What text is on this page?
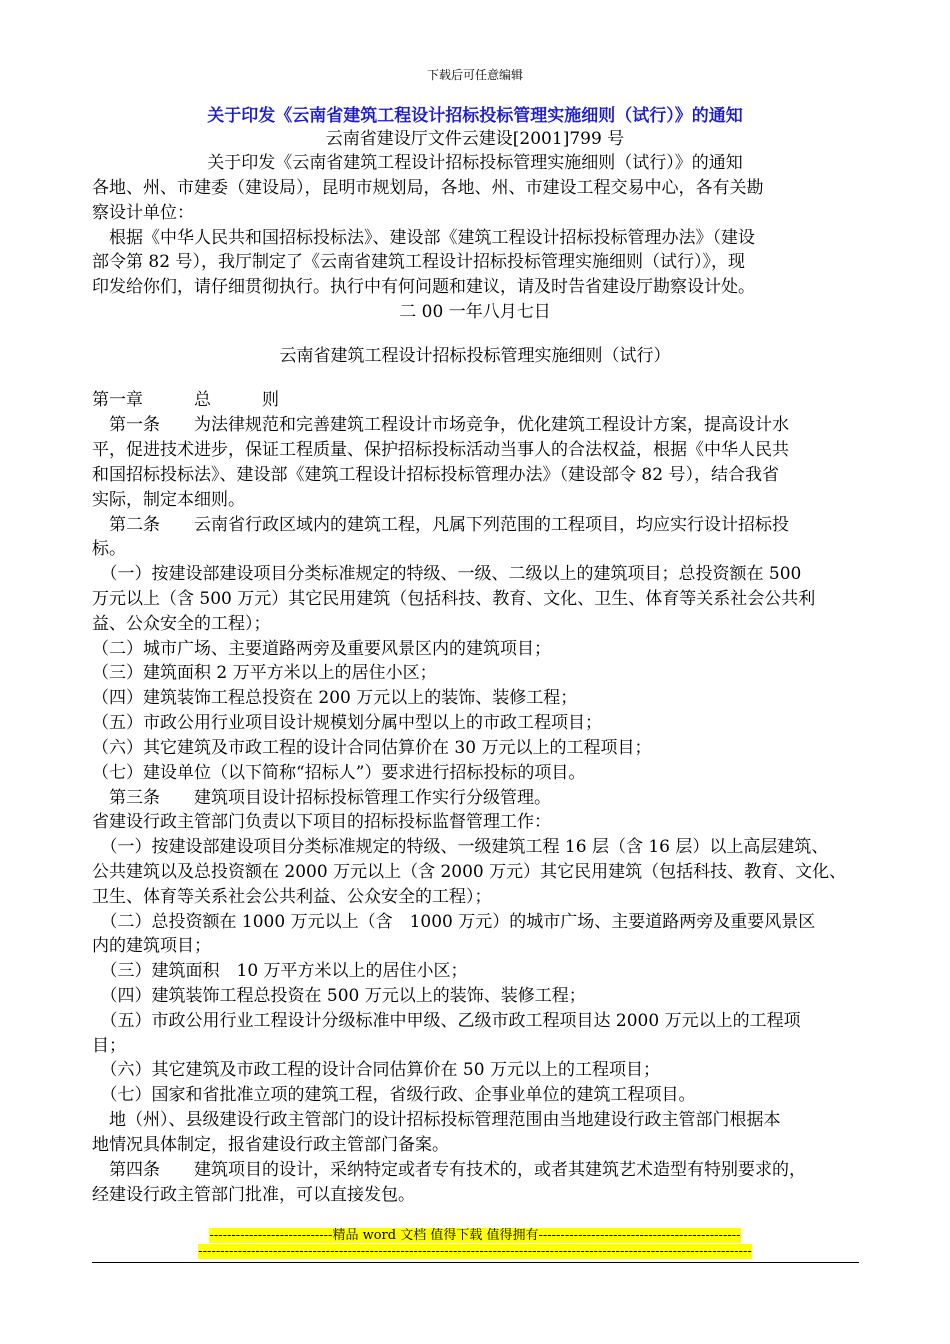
下载后可任意编辑
关于印发《云南省建筑工程设计招标投标管理实施细则（试行）》的通知
云南省建设厅文件云建设[2001]799 号
关于印发《云南省建筑工程设计招标投标管理实施细则（试行）》的通知
各地、州、市建委（建设局），昆明市规划局，各地、州、市建设工程交易中心，各有关勘
察设计单位：
　根据《中华人民共和国招标投标法》、建设部《建筑工程设计招标投标管理办法》（建设
部令第 82 号），我厅制定了《云南省建筑工程设计招标投标管理实施细则（试行）》，现
印发给你们，请仔细贯彻执行。执行中有何问题和建议，请及时告省建设厅勘察设计处。
二 00 一年八月七日
云南省建筑工程设计招标投标管理实施细则（试行）
第一章　　　总　　　则
　第一条　　为法律规范和完善建筑工程设计市场竞争，优化建筑工程设计方案，提高设计水
平，促进技术进步，保证工程质量、保护招标投标活动当事人的合法权益，根据《中华人民共
和国招标投标法》、建设部《建筑工程设计招标投标管理办法》（建设部令 82 号），结合我省
实际，制定本细则。
　第二条　　云南省行政区域内的建筑工程，凡属下列范围的工程项目，均应实行设计招标投
标。
　（一）按建设部建设项目分类标准规定的特级、一级、二级以上的建筑项目；总投资额在 500
万元以上（含 500 万元）其它民用建筑（包括科技、教育、文化、卫生、体育等关系社会公共利
益、公众安全的工程）；
（二）城市广场、主要道路两旁及重要风景区内的建筑项目；
（三）建筑面积 2 万平方米以上的居住小区；
（四）建筑装饰工程总投资在 200 万元以上的装饰、装修工程；
（五）市政公用行业项目设计规模划分属中型以上的市政工程项目；
（六）其它建筑及市政工程的设计合同估算价在 30 万元以上的工程项目；
（七）建设单位（以下简称“招标人”）要求进行招标投标的项目。
　第三条　　建筑项目设计招标投标管理工作实行分级管理。
省建设行政主管部门负责以下项目的招标投标监督管理工作：
　（一）按建设部建设项目分类标准规定的特级、一级建筑工程 16 层（含 16 层）以上高层建筑、
公共建筑以及总投资额在 2000 万元以上（含 2000 万元）其它民用建筑（包括科技、教育、文化、
卫生、体育等关系社会公共利益、公众安全的工程）；
　（二）总投资额在 1000 万元以上（含　1000 万元）的城市广场、主要道路两旁及重要风景区
内的建筑项目；
　（三）建筑面积　10 万平方米以上的居住小区；
　（四）建筑装饰工程总投资在 500 万元以上的装饰、装修工程；
　（五）市政公用行业工程设计分级标准中甲级、乙级市政工程项目达 2000 万元以上的工程项
目；
　（六）其它建筑及市政工程的设计合同估算价在 50 万元以上的工程项目；
　（七）国家和省批准立项的建筑工程，省级行政、企事业单位的建筑工程项目。
　地（州）、县级建设行政主管部门的设计招标投标管理范围由当地建设行政主管部门根据本
地情况具体制定，报省建设行政主管部门备案。
　第四条　　建筑项目的设计，采纳特定或者专有技术的，或者其建筑艺术造型有特别要求的，
经建设行政主管部门批准，可以直接发包。
----------------------------精品 word 文档 值得下载 值得拥有----------------------------------------------
------------------------------------------------------------------------------------------------------------------------------
